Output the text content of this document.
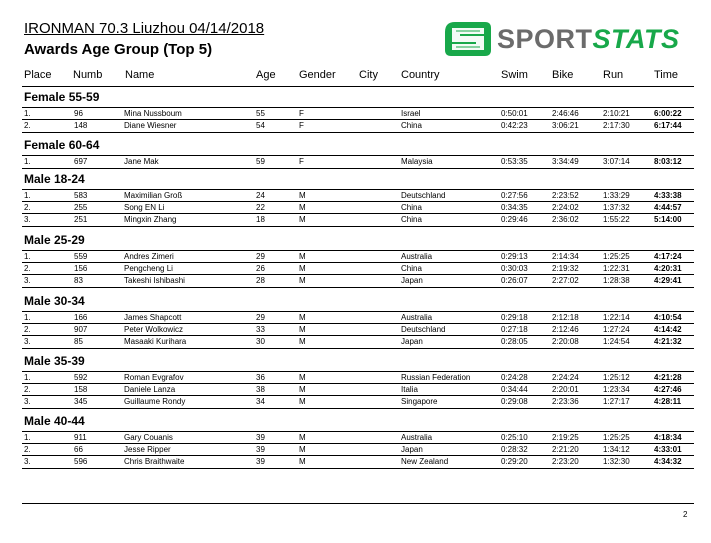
IRONMAN 70.3 Liuzhou 04/14/2018
Awards Age Group (Top 5)	SPORTSTATS
Place Numb Name	Age Gender City Country	Swim Bike	Run	Time
Female 55-59
1.	96	Mina Nussboum	55	F	Israel	0:50:01	2:46:46	2:10:21	6:00:22
2.	148	Diane Wiesner	54	F	China	0:42:23	3:06:21	2:17:30	6:17:44
Female 60-64
1.	697	Jane Mak	59	F	Malaysia	0:53:35	3:34:49	3:07:14	8:03:12
Male 18-24
1.	583	Maximilian Groß	24	M	Deutschland	0:27:56	2:23:52	1:33:29	4:33:38
2.	255	Song EN Li	22	M	China	0:34:35	2:24:02	1:37:32	4:44:57
3.	251	Mingxin Zhang	18	M	China	0:29:46	2:36:02	1:55:22	5:14:00
Male 25-29
1.	559	Andres Zimeri	29	M	Australia	0:29:13	2:14:34	1:25:25	4:17:24
2.	156	Pengcheng Li	26	M	China	0:30:03	2:19:32	1:22:31	4:20:31
3.	83	Takeshi Ishibashi	28	M	Japan	0:26:07	2:27:02	1:28:38	4:29:41
Male 30-34
1.	166	James Shapcott	29	M	Australia	0:29:18	2:12:18	1:22:14	4:10:54
2.	907	Peter Wolkowicz	33	M	Deutschland	0:27:18	2:12:46	1:27:24	4:14:42
3.	85	Masaaki Kurihara	30	M	Japan	0:28:05	2:20:08	1:24:54	4:21:32
Male 35-39
1.	592	Roman Evgrafov	36	M	Russian Federation	0:24:28	2:24:24	1:25:12	4:21:28
2.	158	Daniele Lanza	38	M	Italia	0:34:44	2:20:01	1:23:34	4:27:46
3.	345	Guillaume Rondy	34	M	Singapore	0:29:08	2:23:36	1:27:17	4:28:11
Male 40-44
1.	911	Gary Couanis	39	M	Australia	0:25:10	2:19:25	1:25:25	4:18:34
2.	66	Jesse Ripper	39	M	Japan	0:28:32	2:21:20	1:34:12	4:33:01
3.	596	Chris Braithwaite	39	M	New Zealand	0:29:20	2:23:20	1:32:30	4:34:32
2
